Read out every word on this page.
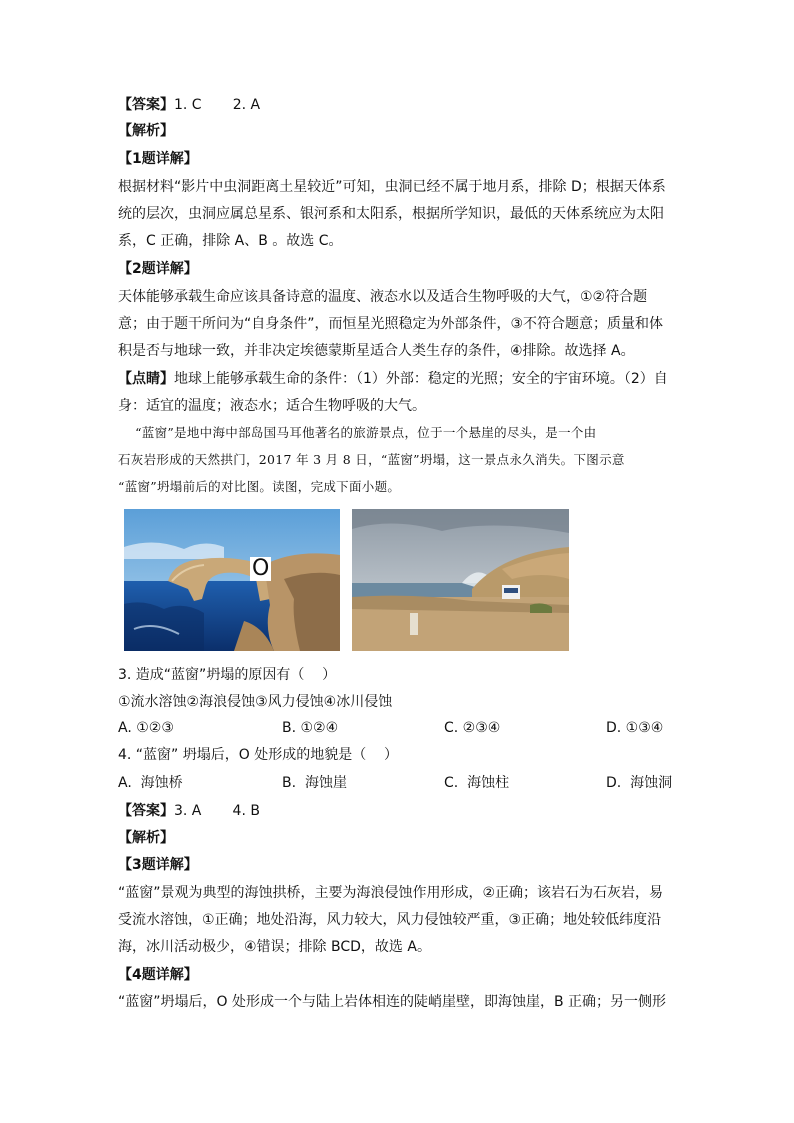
【答案】1. C       2. A
【解析】
【1题详解】
根据材料“影片中虫洞距离土星较近”可知，虫洞已经不属于地月系，排除 D；根据天体系
统的层次，虫洞应属总星系、银河系和太阳系，根据所学知识，最低的天体系统应为太阳
系，C 正确，排除 A、B 。故选 C。
【2题详解】
天体能够承载生命应该具备诗意的温度、液态水以及适合生物呼吸的大气，①②符合题
意；由于题干所问为“自身条件”，而恒星光照稳定为外部条件，③不符合题意；质量和体
积是否与地球一致，并非决定埃德蒙斯星适合人类生存的条件，④排除。故选择 A。
【点睛】地球上能够承载生命的条件：（1）外部：稳定的光照；安全的宇宙环境。（2）自
身：适宜的温度；液态水；适合生物呼吸的大气。
“蓝窗”是地中海中部岛国马耳他著名的旅游景点，位于一个悬崖的尽头，是一个由
石灰岩形成的天然拱门，2017 年 3 月 8 日，“蓝窗”坍塌，这一景点永久消失。下图示意
“蓝窗”坍塌前后的对比图。读图，完成下面小题。
O
3. 造成“蓝窗”坍塌的原因有（    ）
①流水溶蚀②海浪侵蚀③风力侵蚀④冰川侵蚀
A. ①②③	B. ①②④	C. ②③④	D. ①③④
4. “蓝窗” 坍塌后，O 处形成的地貌是（    ）
A.  海蚀桥	B.  海蚀崖	C.  海蚀柱	D.  海蚀洞
【答案】3. A       4. B
【解析】
【3题详解】
“蓝窗”景观为典型的海蚀拱桥，主要为海浪侵蚀作用形成，②正确；该岩石为石灰岩，易
受流水溶蚀，①正确；地处沿海，风力较大，风力侵蚀较严重，③正确；地处较低纬度沿
海，冰川活动极少，④错误；排除 BCD，故选 A。
【4题详解】
“蓝窗”坍塌后，O 处形成一个与陆上岩体相连的陡峭崖壁，即海蚀崖，B 正确；另一侧形
